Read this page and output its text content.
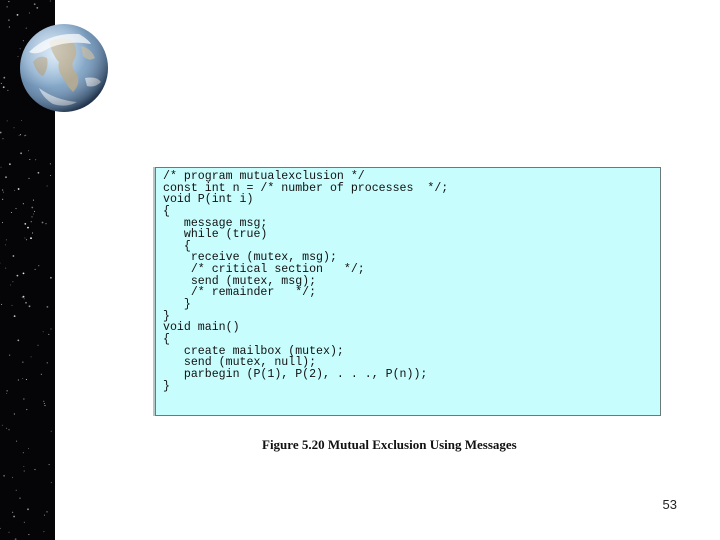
/* program mutualexclusion */
const int n = /* number of processes  */;
void P(int i)
{
message msg;
while (true)
{
receive (mutex, msg);
/* critical section   */;
send (mutex, msg);
/* remainder   */;
}
}
void main()
{
create mailbox (mutex);
send (mutex, null);
parbegin (P(1), P(2), . . ., P(n));
}
Figure 5.20 Mutual Exclusion Using Messages
53
